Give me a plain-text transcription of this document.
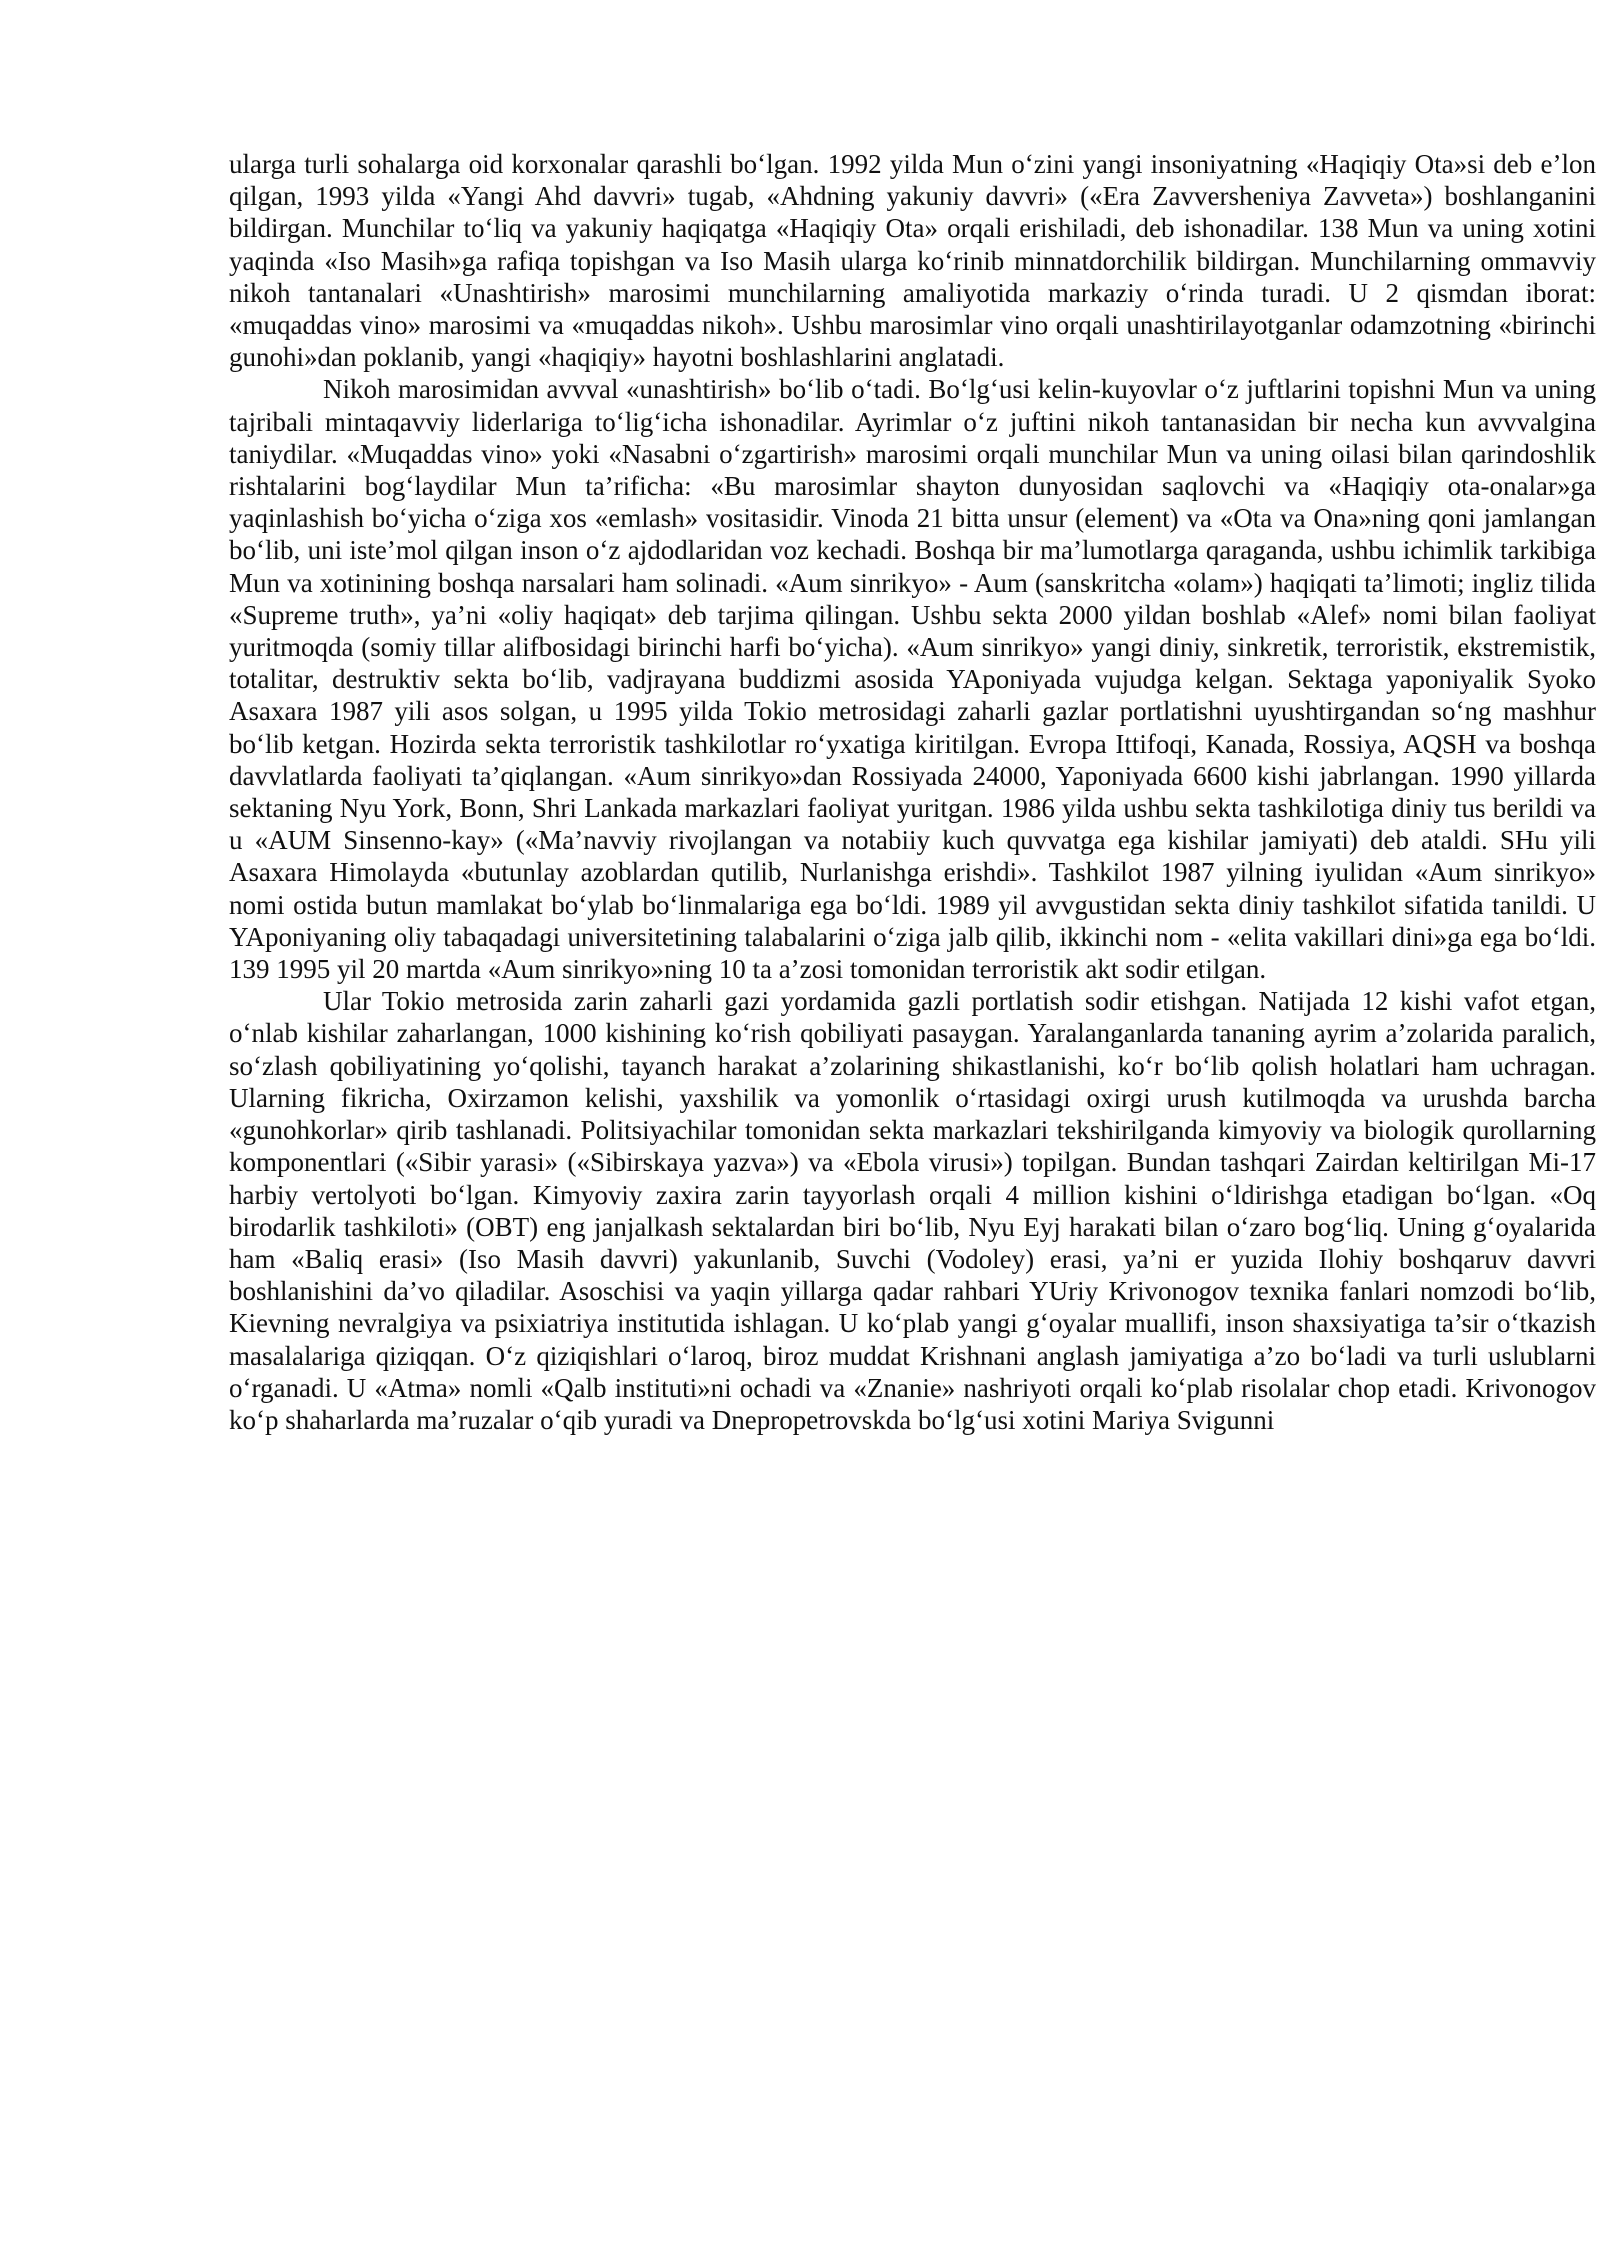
ularga turli sohalarga oid korxonalar qarashli bo‘lgan. 1992 yilda Mun o‘zini yangi insoniyatning «Haqiqiy Ota»si deb e’lon qilgan, 1993 yilda «Yangi Ahd davvri» tugab, «Ahdning yakuniy davvri» («Era Zavversheniya Zavveta») boshlanganini bildirgan. Munchilar to‘liq va yakuniy haqiqatga «Haqiqiy Ota» orqali erishiladi, deb ishonadilar. 138 Mun va uning xotini yaqinda «Iso Masih»ga rafiqa topishgan va Iso Masih ularga ko‘rinib minnatdorchilik bildirgan. Munchilarning ommavviy nikoh tantanalari «Unashtirish» marosimi munchilarning amaliyotida markaziy o‘rinda turadi. U 2 qismdan iborat: «muqaddas vino» marosimi va «muqaddas nikoh». Ushbu marosimlar vino orqali unashtirilayotganlar odamzotning «birinchi gunohi»dan poklanib, yangi «haqiqiy» hayotni boshlashlarini anglatadi.

Nikoh marosimidan avvval «unashtirish» bo‘lib o‘tadi. Bo‘lg‘usi kelin-kuyovlar o‘z juftlarini topishni Mun va uning tajribali mintaqavviy liderlariga to‘lig‘icha ishonadilar. Ayrimlar o‘z juftini nikoh tantanasidan bir necha kun avvvalgina taniydilar. «Muqaddas vino» yoki «Nasabni o‘zgartirish» marosimi orqali munchilar Mun va uning oilasi bilan qarindoshlik rishtalarini bog‘laydilar Mun ta’rificha: «Bu marosimlar shayton dunyosidan saqlovchi va «Haqiqiy ota-onalar»ga yaqinlashish bo‘yicha o‘ziga xos «emlash» vositasidir. Vinoda 21 bitta unsur (element) va «Ota va Ona»ning qoni jamlangan bo‘lib, uni iste’mol qilgan inson o‘z ajdodlaridan voz kechadi. Boshqa bir ma’lumotlarga qaraganda, ushbu ichimlik tarkibiga Mun va xotinining boshqa narsalari ham solinadi. «Aum sinrikyo» - Aum (sanskritcha «olam») haqiqati ta’limoti; ingliz tilida «Supreme truth», ya’ni «oliy haqiqat» deb tarjima qilingan. Ushbu sekta 2000 yildan boshlab «Alef» nomi bilan faoliyat yuritmoqda (somiy tillar alifbosidagi birinchi harfi bo‘yicha). «Aum sinrikyo» yangi diniy, sinkretik, terroristik, ekstremistik, totalitar, destruktiv sekta bo‘lib, vadjrayana buddizmi asosida YAponiyada vujudga kelgan. Sektaga yaponiyalik Syoko Asaxara 1987 yili asos solgan, u 1995 yilda Tokio metrosidagi zaharli gazlar portlatishni uyushtirgandan so‘ng mashhur bo‘lib ketgan. Hozirda sekta terroristik tashkilotlar ro‘yxatiga kiritilgan. Evropa Ittifoqi, Kanada, Rossiya, AQSH va boshqa davvlatlarda faoliyati ta’qiqlangan. «Aum sinrikyo»dan Rossiyada 24000, Yaponiyada 6600 kishi jabrlangan. 1990 yillarda sektaning Nyu York, Bonn, Shri Lankada markazlari faoliyat yuritgan. 1986 yilda ushbu sekta tashkilotiga diniy tus berildi va u «AUM Sinsenno-kay» («Ma’navviy rivojlangan va notabiiy kuch quvvatga ega kishilar jamiyati) deb ataldi. SHu yili Asaxara Himolayda «butunlay azoblardan qutilib, Nurlanishga erishdi». Tashkilot 1987 yilning iyulidan «Aum sinrikyo» nomi ostida butun mamlakat bo‘ylab bo‘linmalariga ega bo‘ldi. 1989 yil avvgustidan sekta diniy tashkilot sifatida tanildi. U YAponiyaning oliy tabaqadagi universitetining talabalarini o‘ziga jalb qilib, ikkinchi nom - «elita vakillari dini»ga ega bo‘ldi. 139 1995 yil 20 martda «Aum sinrikyo»ning 10 ta a’zosi tomonidan terroristik akt sodir etilgan.

Ular Tokio metrosida zarin zaharli gazi yordamida gazli portlatish sodir etishgan. Natijada 12 kishi vafot etgan, o‘nlab kishilar zaharlangan, 1000 kishining ko‘rish qobiliyati pasaygan. Yaralanganlarda tananing ayrim a’zolarida paralich, so‘zlash qobiliyatining yo‘qolishi, tayanch harakat a’zolarining shikastlanishi, ko‘r bo‘lib qolish holatlari ham uchragan. Ularning fikricha, Oxirzamon kelishi, yaxshilik va yomonlik o‘rtasidagi oxirgi urush kutilmoqda va urushda barcha «gunohkorlar» qirib tashlanadi. Politsiyachilar tomonidan sekta markazlari tekshirilganda kimyoviy va biologik qurollarning komponentlari («Sibir yarasi» («Sibirskaya yazva») va «Ebola virusi») topilgan. Bundan tashqari Zairdan keltirilgan Mi-17 harbiy vertolyoti bo‘lgan. Kimyoviy zaxira zarin tayyorlash orqali 4 million kishini o‘ldirishga etadigan bo‘lgan. «Oq birodarlik tashkiloti» (OBT) eng janjalkash sektalardan biri bo‘lib, Nyu Eyj harakati bilan o‘zaro bog‘liq. Uning g‘oyalarida ham «Baliq erasi» (Iso Masih davvri) yakunlanib, Suvchi (Vodoley) erasi, ya’ni er yuzida Ilohiy boshqaruv davvri boshlanishini da’vo qiladilar. Asoschisi va yaqin yillarga qadar rahbari YUriy Krivonogov texnika fanlari nomzodi bo‘lib, Kievning nevralgiya va psixiatriya institutida ishlagan. U ko‘plab yangi g‘oyalar muallifi, inson shaxsiyatiga ta’sir o‘tkazish masalalariga qiziqqan. O‘z qiziqishlari o‘laroq, biroz muddat Krishnani anglash jamiyatiga a’zo bo‘ladi va turli uslublarni o‘rganadi. U «Atma» nomli «Qalb instituti»ni ochadi va «Znanie» nashriyoti orqali ko‘plab risolalar chop etadi. Krivonogov ko‘p shaharlarda ma’ruzalar o‘qib yuradi va Dnepropetrovskda bo‘lg‘usi xotini Mariya Svigunni
